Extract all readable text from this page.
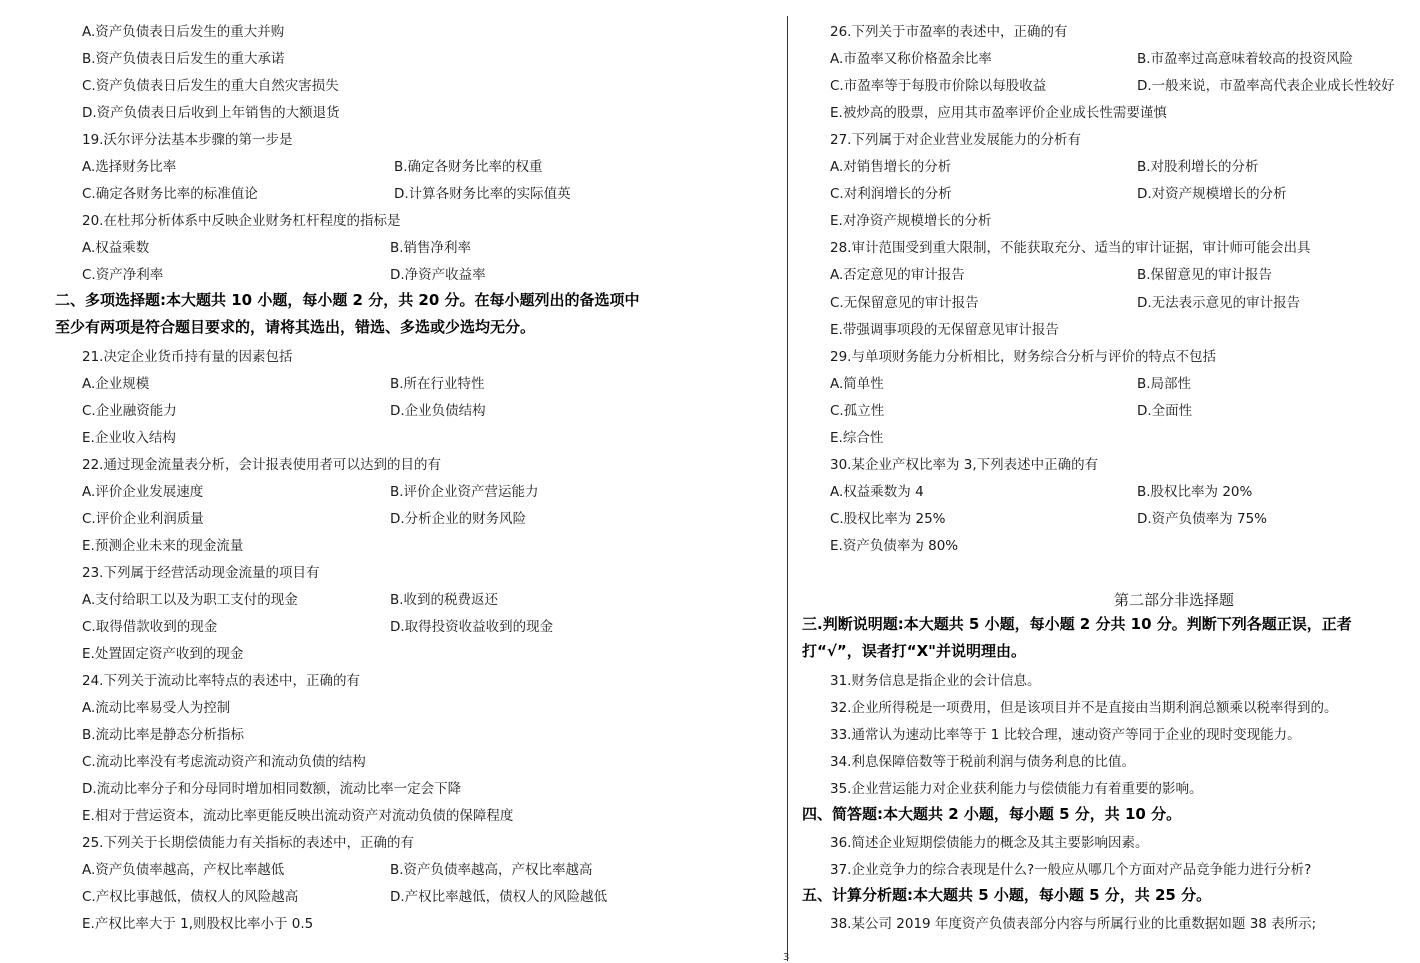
A.资产负债表日后发生的重大并购
B.资产负债表日后发生的重大承诺
C.资产负债表日后发生的重大自然灾害损失
D.资产负债表日后收到上年销售的大额退货
19.沃尔评分法基本步骤的第一步是
A.选择财务比率	B.确定各财务比率的权重
C.确定各财务比率的标准值论	D.计算各财务比率的实际值英
20.在杜邦分析体系中反映企业财务杠杆程度的指标是
A.权益乘数	B.销售净利率
C.资产净利率	D.净资产收益率
二、多项选择题:本大题共 10 小题，每小题 2 分，共 20 分。在每小题列出的备选项中
至少有两项是符合题目要求的，请将其选出，错选、多选或少选均无分。
21.决定企业货币持有量的因素包括
A.企业规模	B.所在行业特性
C.企业融资能力	D.企业负债结构
E.企业收入结构
22.通过现金流量表分析，会计报表使用者可以达到的目的有
A.评价企业发展速度	B.评价企业资产营运能力
C.评价企业利润质量	D.分析企业的财务风险
E.预测企业未来的现金流量
23.下列属于经营活动现金流量的项目有
A.支付给职工以及为职工支付的现金	B.收到的税费返还
C.取得借款收到的现金	D.取得投资收益收到的现金
E.处置固定资产收到的现金
24.下列关于流动比率特点的表述中，正确的有
A.流动比率易受人为控制
B.流动比率是静态分析指标
C.流动比率没有考虑流动资产和流动负债的结构
D.流动比率分子和分母同时增加相同数额，流动比率一定会下降
E.相对于营运资本，流动比率更能反映出流动资产对流动负债的保障程度
25.下列关于长期偿债能力有关指标的表述中，正确的有
A.资产负债率越高，产权比率越低	B.资产负债率越高，产权比率越高
C.产权比事越低，债权人的风险越高	D.产权比率越低，债权人的风险越低
E.产权比率大于 1,则股权比率小于 0.5
26.下列关于市盈率的表述中，正确的有
A.市盈率又称价格盈余比率	B.市盈率过高意味着较高的投资风险
C.市盈率等于每股市价除以每股收益	D.一般来说，市盈率高代表企业成长性较好
E.被炒高的股票，应用其市盈率评价企业成长性需要谨慎
27.下列属于对企业营业发展能力的分析有
A.对销售增长的分析	B.对股利增长的分析
C.对利润增长的分析	D.对资产规模增长的分析
E.对净资产规模增长的分析
28.审计范围受到重大限制，不能获取充分、适当的审计证据，审计师可能会出具
A.否定意见的审计报告	B.保留意见的审计报告
C.无保留意见的审计报告	D.无法表示意见的审计报告
E.带强调事项段的无保留意见审计报告
29.与单项财务能力分析相比，财务综合分析与评价的特点不包括
A.简单性	B.局部性
C.孤立性	D.全面性
E.综合性
30.某企业产权比率为 3,下列表述中正确的有
A.权益乘数为 4	B.股权比率为 20%
C.股权比率为 25%	D.资产负债率为 75%
E.资产负债率为 80%
第二部分非选择题
三.判断说明题:本大题共 5 小题，每小题 2 分共 10 分。判断下列各题正误，正者
打“√”，误者打“X"并说明理由。
31.财务信息是指企业的会计信息。
32.企业所得税是一项费用，但是该项目并不是直接由当期利润总额乘以税率得到的。
33.通常认为速动比率等于 1 比较合理，速动资产等同于企业的现时变现能力。
34.利息保障倍数等于税前利润与债务利息的比值。
35.企业营运能力对企业获利能力与偿债能力有着重要的影响。
四、简答题:本大题共 2 小题，每小题 5 分，共 10 分。
36.简述企业短期偿债能力的概念及其主要影响因素。
37.企业竞争力的综合表现是什么?一般应从哪几个方面对产品竞争能力进行分析?
五、计算分析题:本大题共 5 小题，每小题 5 分，共 25 分。
38.某公司 2019 年度资产负债表部分内容与所属行业的比重数据如题 38 表所示;
3
